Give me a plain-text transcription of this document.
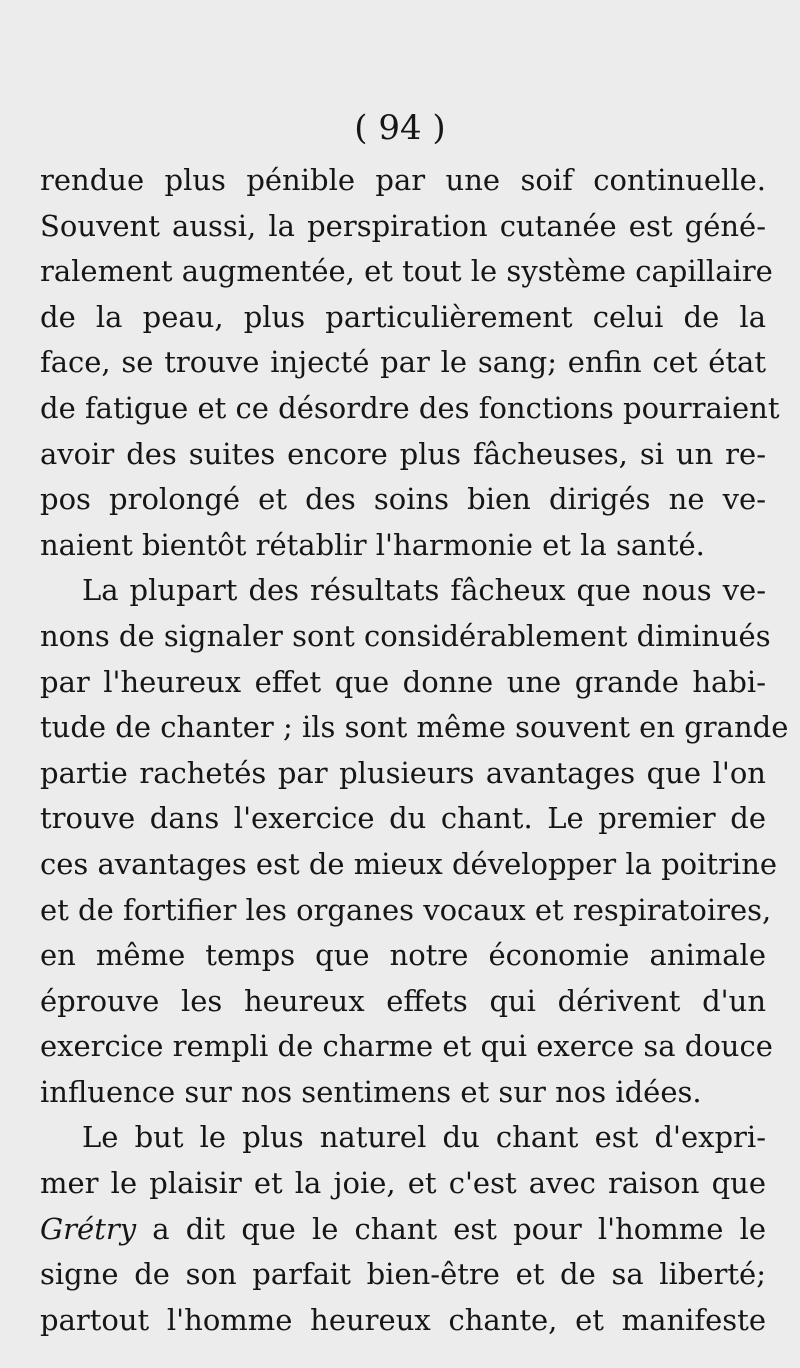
( 94 )
rendue plus pénible par une soif continuelle.
Souvent aussi, la perspiration cutanée est géné-
ralement augmentée, et tout le système capillaire
de la peau, plus particulièrement celui de la
face, se trouve injecté par le sang; enfin cet état
de fatigue et ce désordre des fonctions pourraient
avoir des suites encore plus fâcheuses, si un re-
pos prolongé et des soins bien dirigés ne ve-
naient bientôt rétablir l'harmonie et la santé.
La plupart des résultats fâcheux que nous ve-
nons de signaler sont considérablement diminués
par l'heureux effet que donne une grande habi-
tude de chanter ; ils sont même souvent en grande
partie rachetés par plusieurs avantages que l'on
trouve dans l'exercice du chant. Le premier de
ces avantages est de mieux développer la poitrine
et de fortifier les organes vocaux et respiratoires,
en même temps que notre économie animale
éprouve les heureux effets qui dérivent d'un
exercice rempli de charme et qui exerce sa douce
influence sur nos sentimens et sur nos idées.
Le but le plus naturel du chant est d'expri-
mer le plaisir et la joie, et c'est avec raison que
Grétry a dit que le chant est pour l'homme le
signe de son parfait bien-être et de sa liberté;
partout l'homme heureux chante, et manifeste
